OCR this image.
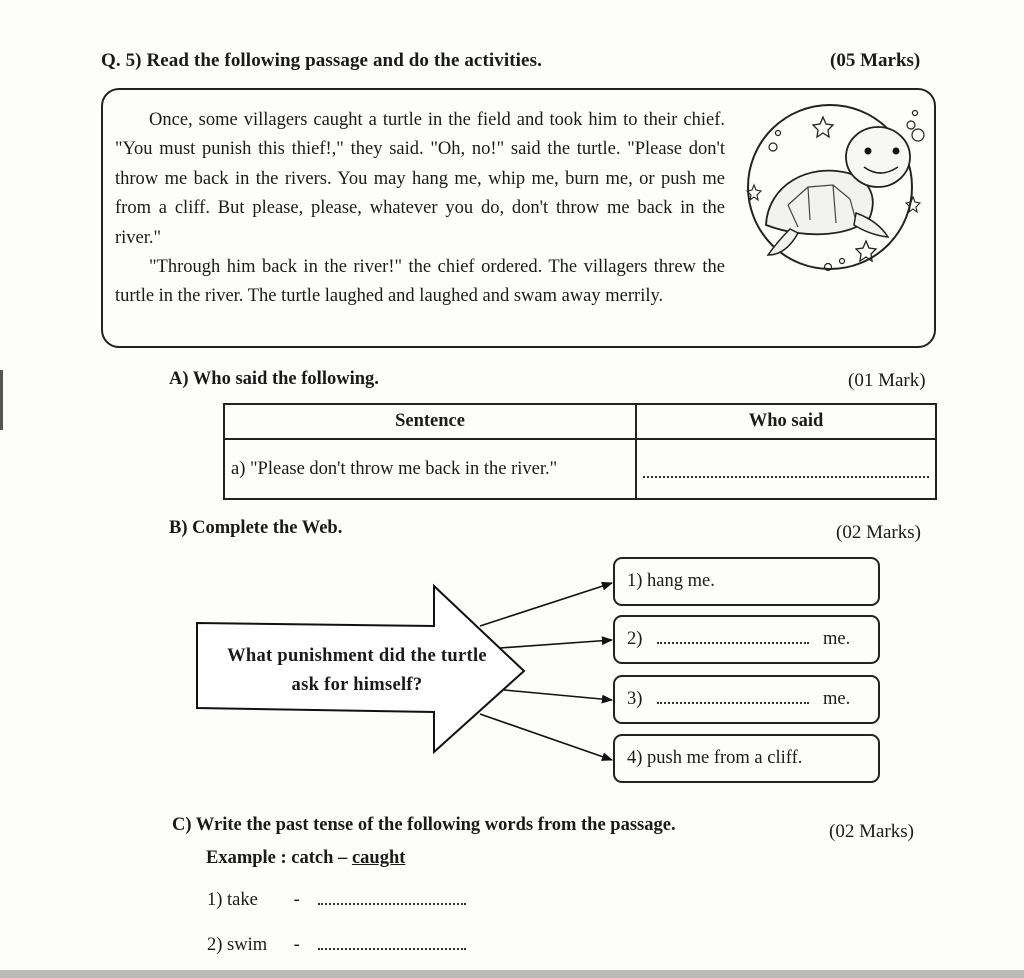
Q. 5) Read the following passage and do the activities.	(05 Marks)

Once, some villagers caught a turtle in the field and took him to their chief. "You must punish this thief!," they said. "Oh, no!" said the turtle. "Please don't throw me back in the rivers. You may hang me, whip me, burn me, or push me from a cliff. But please, please, whatever you do, don't throw me back in the river."

"Through him back in the river!" the chief ordered. The villagers threw the turtle in the river. The turtle laughed and laughed and swam away merrily.

A) Who said the following.	(01 Mark)
Sentence	Who said
a) "Please don't throw me back in the river."	
B) Complete the Web.	(02 Marks)
What punishment did the turtle ask for himself?
1) hang me.
2)	me.
3)	me.
4) push me from a cliff.
C) Write the past tense of the following words from the passage.	(02 Marks)
Example : catch – caught
1) take -
2) swim -
